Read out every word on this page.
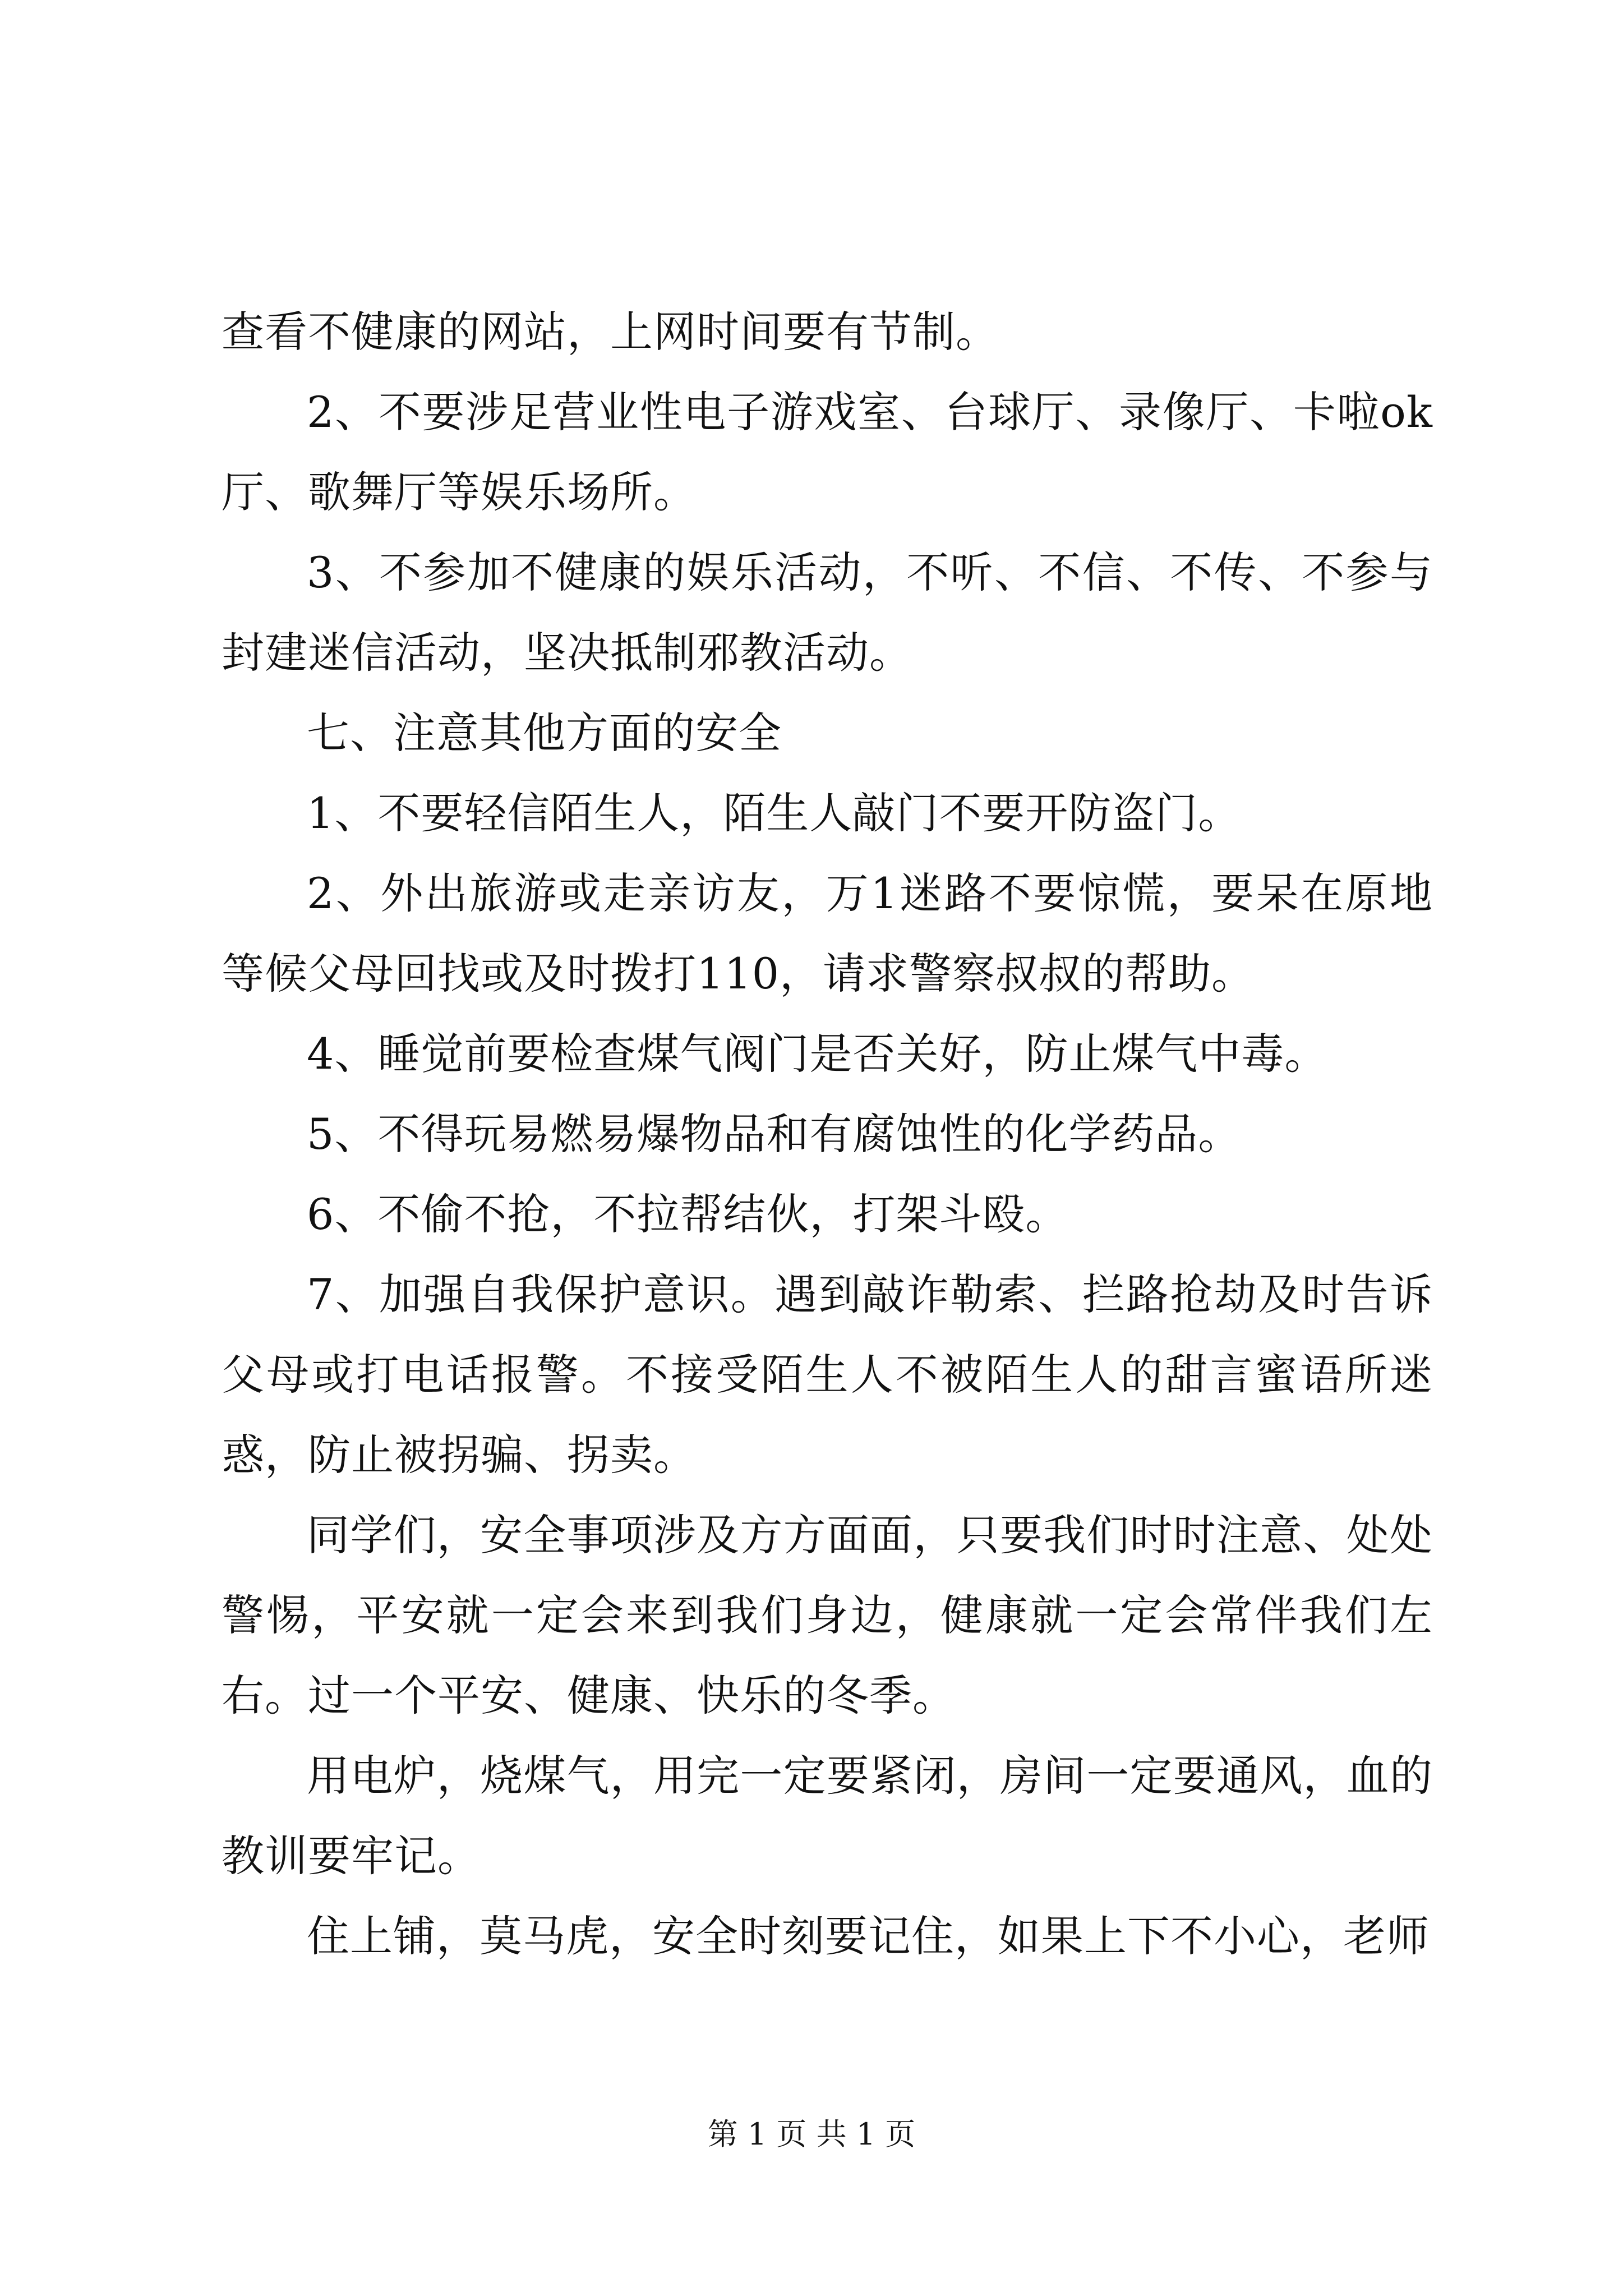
查看不健康的网站，上网时间要有节制。

2、不要涉足营业性电子游戏室、台球厅、录像厅、卡啦ok厅、歌舞厅等娱乐场所。

3、不参加不健康的娱乐活动，不听、不信、不传、不参与封建迷信活动，坚决抵制邪教活动。

七、注意其他方面的安全

1、不要轻信陌生人，陌生人敲门不要开防盗门。

2、外出旅游或走亲访友，万1迷路不要惊慌，要呆在原地等候父母回找或及时拨打110，请求警察叔叔的帮助。

4、睡觉前要检查煤气阀门是否关好，防止煤气中毒。

5、不得玩易燃易爆物品和有腐蚀性的化学药品。

6、不偷不抢，不拉帮结伙，打架斗殴。

7、加强自我保护意识。遇到敲诈勒索、拦路抢劫及时告诉父母或打电话报警。不接受陌生人不被陌生人的甜言蜜语所迷惑，防止被拐骗、拐卖。

同学们，安全事项涉及方方面面，只要我们时时注意、处处警惕，平安就一定会来到我们身边，健康就一定会常伴我们左右。过一个平安、健康、快乐的冬季。

用电炉，烧煤气，用完一定要紧闭，房间一定要通风，血的教训要牢记。

住上铺，莫马虎，安全时刻要记住，如果上下不小心，老师

第 1 页 共 1 页
